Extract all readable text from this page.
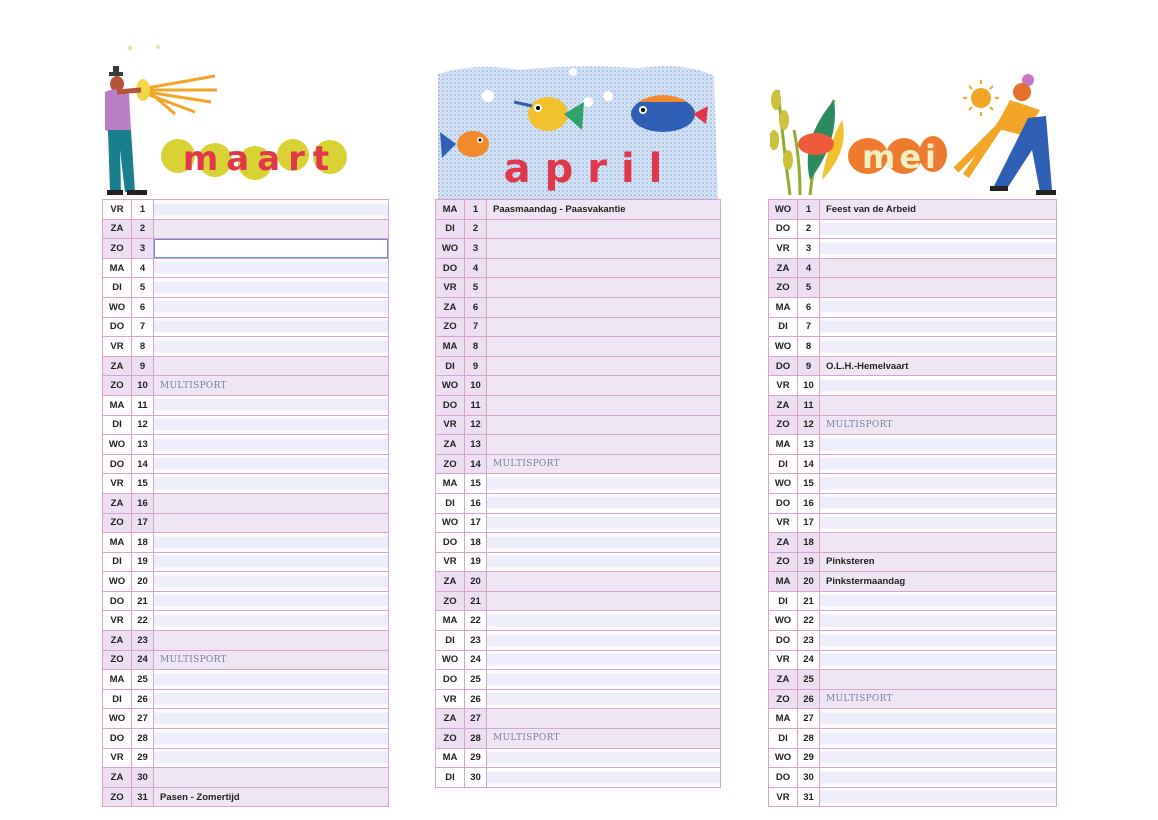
maart	april	mei
VR	1	
ZA	2	
ZO	3	
MA	4	
DI	5	
WO	6	
DO	7	
VR	8	
ZA	9	
ZO	10	MULTISPORT
MA	11	
DI	12	
WO	13	
DO	14	
VR	15	
ZA	16	
ZO	17	
MA	18	
DI	19	
WO	20	
DO	21	
VR	22	
ZA	23	
ZO	24	MULTISPORT
MA	25	
DI	26	
WO	27	
DO	28	
VR	29	
ZA	30	
ZO	31	Pasen - Zomertijd
MA	1	Paasmaandag - Paasvakantie
DI	2	
WO	3	
DO	4	
VR	5	
ZA	6	
ZO	7	
MA	8	
DI	9	
WO	10	
DO	11	
VR	12	
ZA	13	
ZO	14	MULTISPORT
MA	15	
DI	16	
WO	17	
DO	18	
VR	19	
ZA	20	
ZO	21	
MA	22	
DI	23	
WO	24	
DO	25	
VR	26	
ZA	27	
ZO	28	MULTISPORT
MA	29	
DI	30	
WO	1	Feest van de Arbeid
DO	2	
VR	3	
ZA	4	
ZO	5	
MA	6	
DI	7	
WO	8	
DO	9	O.L.H.-Hemelvaart
VR	10	
ZA	11	
ZO	12	MULTISPORT
MA	13	
DI	14	
WO	15	
DO	16	
VR	17	
ZA	18	
ZO	19	Pinksteren
MA	20	Pinkstermaandag
DI	21	
WO	22	
DO	23	
VR	24	
ZA	25	
ZO	26	MULTISPORT
MA	27	
DI	28	
WO	29	
DO	30	
VR	31	
